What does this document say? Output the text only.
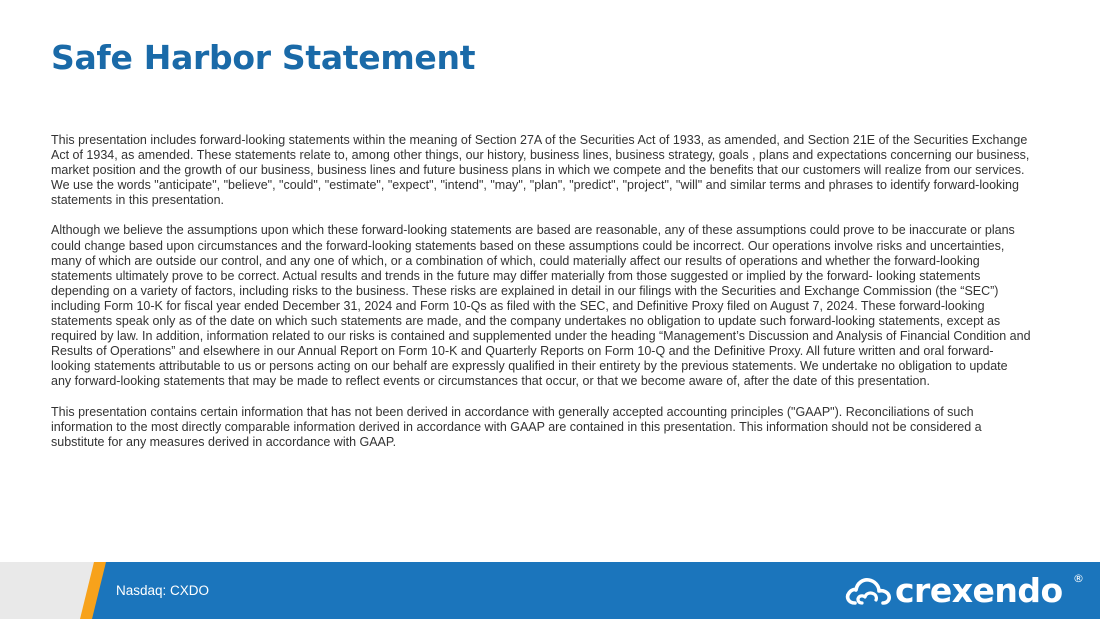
Safe Harbor Statement

This presentation includes forward-looking statements within the meaning of Section 27A of the Securities Act of 1933, as amended, and Section 21E of the Securities Exchange Act of 1934, as amended. These statements relate to, among other things, our history, business lines, business strategy, goals , plans and expectations concerning our business, market position and the growth of our business, business lines and future business plans in which we compete and the benefits that our customers will realize from our services. We use the words "anticipate", "believe", "could", "estimate", "expect", "intend", "may", "plan", "predict", "project", "will" and similar terms and phrases to identify forward-looking statements in this presentation.

Although we believe the assumptions upon which these forward-looking statements are based are reasonable, any of these assumptions could prove to be inaccurate or plans could change based upon circumstances and the forward-looking statements based on these assumptions could be incorrect. Our operations involve risks and uncertainties, many of which are outside our control, and any one of which, or a combination of which, could materially affect our results of operations and whether the forward-looking statements ultimately prove to be correct. Actual results and trends in the future may differ materially from those suggested or implied by the forward- looking statements depending on a variety of factors, including risks to the business. These risks are explained in detail in our filings with the Securities and Exchange Commission (the “SEC”) including Form 10-K for fiscal year ended December 31, 2024 and Form 10-Qs as filed with the SEC, and Definitive Proxy filed on August 7, 2024. These forward-looking statements speak only as of the date on which such statements are made, and the company undertakes no obligation to update such forward-looking statements, except as required by law. In addition, information related to our risks is contained and supplemented under the heading “Management’s Discussion and Analysis of Financial Condition and Results of Operations” and elsewhere in our Annual Report on Form 10-K and Quarterly Reports on Form 10-Q and the Definitive Proxy. All future written and oral forward-looking statements attributable to us or persons acting on our behalf are expressly qualified in their entirety by the previous statements. We undertake no obligation to update any forward-looking statements that may be made to reflect events or circumstances that occur, or that we become aware of, after the date of this presentation.

This presentation contains certain information that has not been derived in accordance with generally accepted accounting principles ("GAAP"). Reconciliations of such information to the most directly comparable information derived in accordance with GAAP are contained in this presentation. This information should not be considered a substitute for any measures derived in accordance with GAAP.

Nasdaq: CXDO	crexendo ®
